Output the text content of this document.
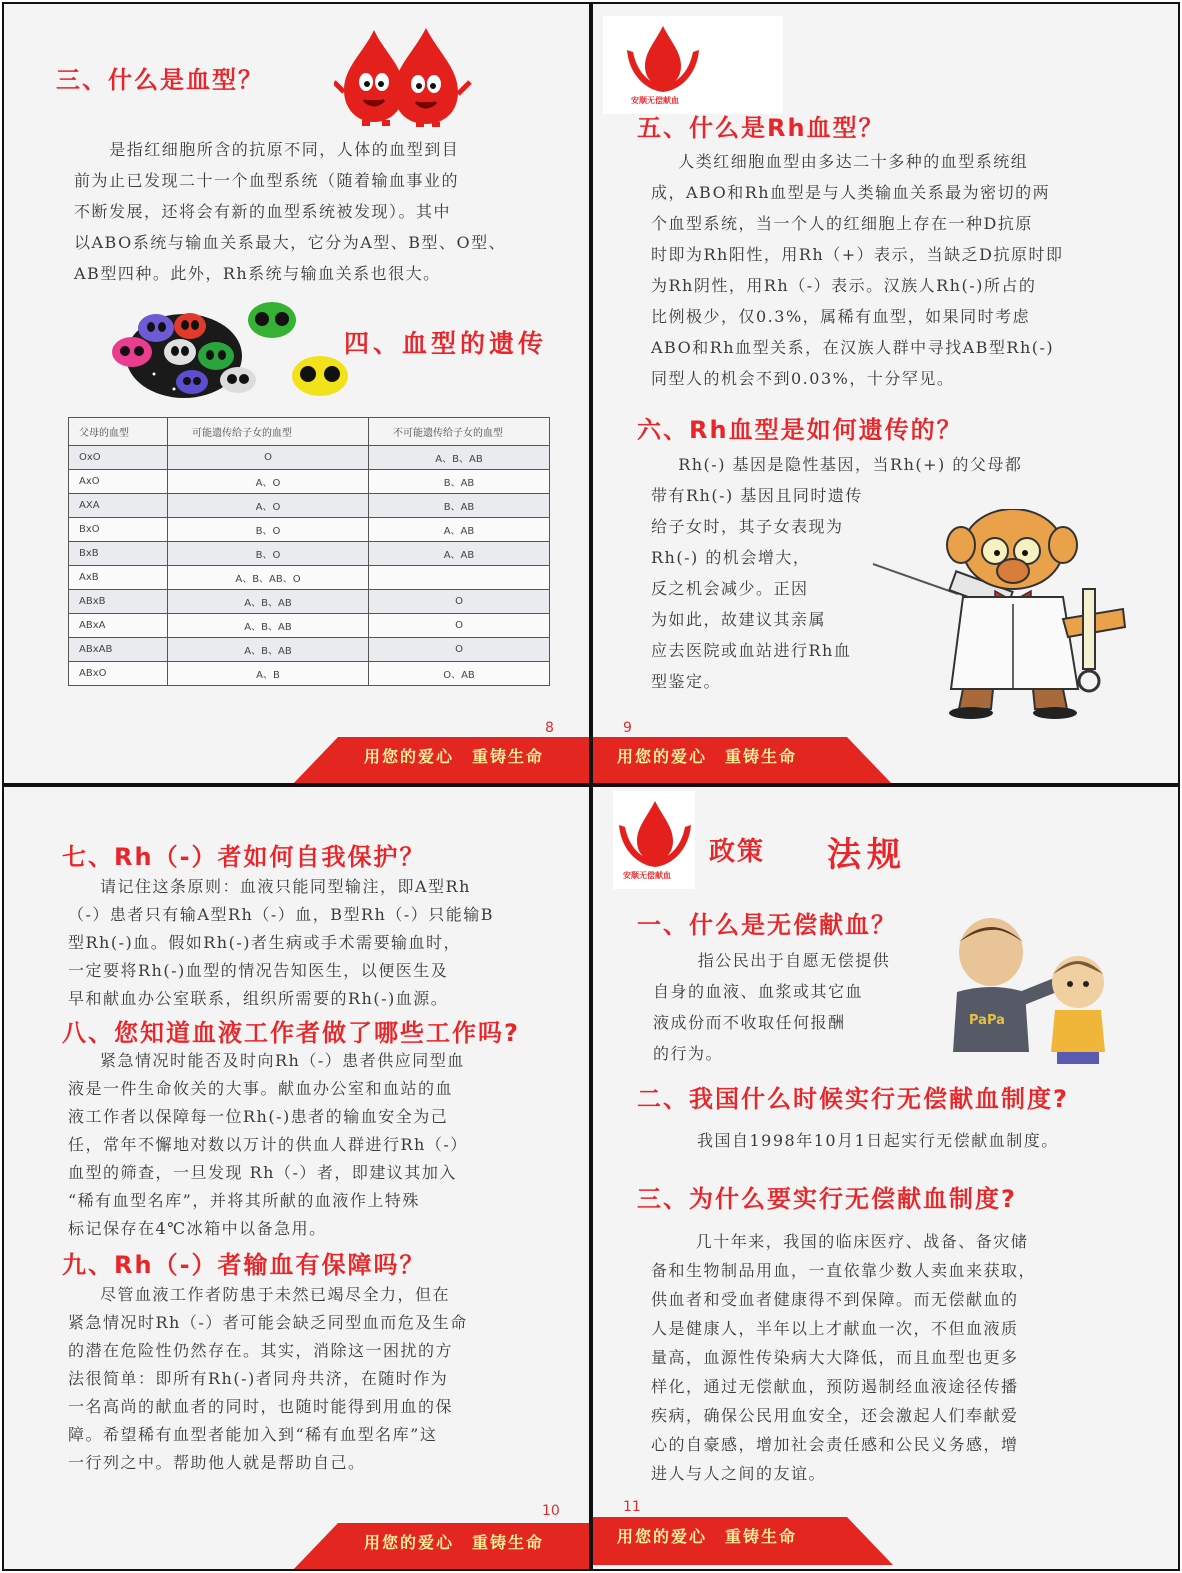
三、什么是血型？
是指红细胞所含的抗原不同，人体的血型到目
前为止已发现二十一个血型系统（随着输血事业的
不断发展，还将会有新的血型系统被发现）。其中
以ABO系统与输血关系最大，它分为A型、B型、O型、
AB型四种。此外，Rh系统与输血关系也很大。
四、血型的遗传
父母的血型	可能遗传给子女的血型	不可能遗传给子女的血型
OxO	O	A、B、AB
AxO	A、O	B、AB
AXA	A、O	B、AB
BxO	B、O	A、AB
BxB	B、O	A、AB
AxB	A、B、AB、O	
ABxB	A、B、AB	O
ABxA	A、B、AB	O
ABxAB	A、B、AB	O
ABxO	A、B	O、AB
8
用您的爱心　重铸生命
安顺无偿献血
五、什么是Rh血型？
人类红细胞血型由多达二十多种的血型系统组
成，ABO和Rh血型是与人类输血关系最为密切的两
个血型系统，当一个人的红细胞上存在一种D抗原
时即为Rh阳性，用Rh（+）表示，当缺乏D抗原时即
为Rh阴性，用Rh（-）表示。汉族人Rh(-)所占的
比例极少，仅0.3%，属稀有血型，如果同时考虑
ABO和Rh血型关系，在汉族人群中寻找AB型Rh(-)
同型人的机会不到0.03%，十分罕见。
六、Rh血型是如何遗传的？
Rh(-) 基因是隐性基因，当Rh(+) 的父母都
带有Rh(-) 基因且同时遗传
给子女时，其子女表现为
Rh(-) 的机会增大，
反之机会减少。正因
为如此，故建议其亲属
应去医院或血站进行Rh血
型鉴定。
9
用您的爱心　重铸生命
七、Rh（-）者如何自我保护？
请记住这条原则：血液只能同型输注，即A型Rh
（-）患者只有输A型Rh（-）血，B型Rh（-）只能输B
型Rh(-)血。假如Rh(-)者生病或手术需要输血时，
一定要将Rh(-)血型的情况告知医生，以便医生及
早和献血办公室联系，组织所需要的Rh(-)血源。
八、您知道血液工作者做了哪些工作吗?
紧急情况时能否及时向Rh（-）患者供应同型血
液是一件生命攸关的大事。献血办公室和血站的血
液工作者以保障每一位Rh(-)患者的输血安全为己
任，常年不懈地对数以万计的供血人群进行Rh（-）
血型的筛查，一旦发现 Rh（-）者，即建议其加入
“稀有血型名库”，并将其所献的血液作上特殊
标记保存在4℃冰箱中以备急用。
九、Rh（-）者输血有保障吗？
尽管血液工作者防患于未然已竭尽全力，但在
紧急情况时Rh（-）者可能会缺乏同型血而危及生命
的潜在危险性仍然存在。其实，消除这一困扰的方
法很简单：即所有Rh(-)者同舟共济，在随时作为
一名高尚的献血者的同时，也随时能得到用血的保
障。希望稀有血型者能加入到“稀有血型名库”这
一行列之中。帮助他人就是帮助自己。
10
用您的爱心　重铸生命
安顺无偿献血
政策 法规
一、什么是无偿献血？
指公民出于自愿无偿提供
自身的血液、血浆或其它血
液成份而不收取任何报酬
的行为。
PaPa
二、我国什么时候实行无偿献血制度?
我国自1998年10月1日起实行无偿献血制度。
三、为什么要实行无偿献血制度?
几十年来，我国的临床医疗、战备、备灾储
备和生物制品用血，一直依靠少数人卖血来获取，
供血者和受血者健康得不到保障。而无偿献血的
人是健康人，半年以上才献血一次，不但血液质
量高，血源性传染病大大降低，而且血型也更多
样化，通过无偿献血，预防遏制经血液途径传播
疾病，确保公民用血安全，还会激起人们奉献爱
心的自豪感，增加社会责任感和公民义务感，增
进人与人之间的友谊。
11
用您的爱心　重铸生命
